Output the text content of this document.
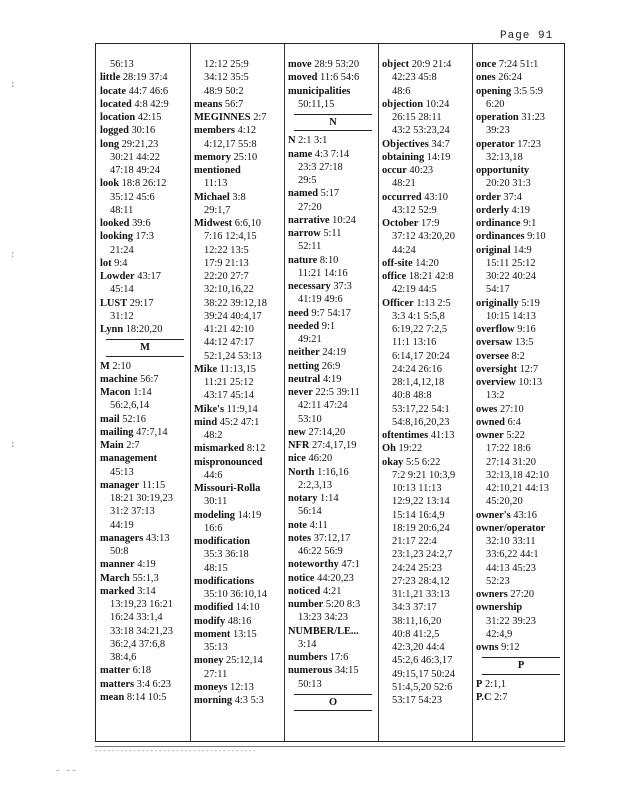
Page 91
:
:
:
- --
56:13
little 28:19 37:4
locate 44:7 46:6
located 4:8 42:9
location 42:15
logged 30:16
long 29:21,23
30:21 44:22
47:18 49:24
look 18:8 26:12
35:12 45:6
48:11
looked 39:6
looking 17:3
21:24
lot 9:4
Lowder 43:17
45:14
LUST 29:17
31:12
Lynn 18:20,20
M
M 2:10
machine 56:7
Macon 1:14
56:2,6,14
mail 52:16
mailing 47:7,14
Main 2:7
management
45:13
manager 11:15
18:21 30:19,23
31:2 37:13
44:19
managers 43:13
50:8
manner 4:19
March 55:1,3
marked 3:14
13:19,23 16:21
16:24 33:1,4
33:18 34:21,23
36:2,4 37:6,8
38:4,6
matter 6:18
matters 3:4 6:23
mean 8:14 10:5
12:12 25:9
34:12 35:5
48:9 50:2
means 56:7
MEGINNES 2:7
members 4:12
4:12,17 55:8
memory 25:10
mentioned
11:13
Michael 3:8
29:1,7
Midwest 6:6,10
7:16 12:4,15
12:22 13:5
17:9 21:13
22:20 27:7
32:10,16,22
38:22 39:12,18
39:24 40:4,17
41:21 42:10
44:12 47:17
52:1,24 53:13
Mike 11:13,15
11:21 25:12
43:17 45:14
Mike's 11:9,14
mind 45:2 47:1
48:2
mismarked 8:12
mispronounced
44:6
Missouri-Rolla
30:11
modeling 14:19
16:6
modification
35:3 36:18
48:15
modifications
35:10 36:10,14
modified 14:10
modify 48:16
moment 13:15
35:13
money 25:12,14
27:11
moneys 12:13
morning 4:3 5:3
move 28:9 53:20
moved 11:6 54:6
municipalities
50:11,15
N
N 2:1 3:1
name 4:3 7:14
23:3 27:18
29:5
named 5:17
27:20
narrative 10:24
narrow 5:11
52:11
nature 8:10
11:21 14:16
necessary 37:3
41:19 49:6
need 9:7 54:17
needed 9:1
49:21
neither 24:19
netting 26:9
neutral 4:19
never 22:5 39:11
42:11 47:24
53:10
new 27:14,20
NFR 27:4,17,19
nice 46:20
North 1:16,16
2:2,3,13
notary 1:14
56:14
note 4:11
notes 37:12,17
46:22 56:9
noteworthy 47:1
notice 44:20,23
noticed 4:21
number 5:20 8:3
13:23 34:23
NUMBER/LE...
3:14
numbers 17:6
numerous 34:15
50:13
O
object 20:9 21:4
42:23 45:8
48:6
objection 10:24
26:15 28:11
43:2 53:23,24
Objectives 34:7
obtaining 14:19
occur 40:23
48:21
occurred 43:10
43:12 52:9
October 17:9
37:12 43:20,20
44:24
off-site 14:20
office 18:21 42:8
42:19 44:5
Officer 1:13 2:5
3:3 4:1 5:5,8
6:19,22 7:2,5
11:1 13:16
6:14,17 20:24
24:24 26:16
28:1,4,12,18
40:8 48:8
53:17,22 54:1
54:8,16,20,23
oftentimes 41:13
Oh 19:22
okay 5:5 6:22
7:2 9:21 10:3,9
10:13 11:13
12:9,22 13:14
15:14 16:4,9
18:19 20:6,24
21:17 22:4
23:1,23 24:2,7
24:24 25:23
27:23 28:4,12
31:1,21 33:13
34:3 37:17
38:11,16,20
40:8 41:2,5
42:3,20 44:4
45:2,6 46:3,17
49:15,17 50:24
51:4,5,20 52:6
53:17 54:23
once 7:24 51:1
ones 26:24
opening 3:5 5:9
6:20
operation 31:23
39:23
operator 17:23
32:13,18
opportunity
20:20 31:3
order 37:4
orderly 4:19
ordinance 9:1
ordinances 9:10
original 14:9
15:11 25:12
30:22 40:24
54:17
originally 5:19
10:15 14:13
overflow 9:16
oversaw 13:5
oversee 8:2
oversight 12:7
overview 10:13
13:2
owes 27:10
owned 6:4
owner 5:22
17:22 18:6
27:14 31:20
32:13,18 42:10
42:10,21 44:13
45:20,20
owner's 43:16
owner/operator
32:10 33:11
33:6,22 44:1
44:13 45:23
52:23
owners 27:20
ownership
31:22 39:23
42:4,9
owns 9:12
P
P 2:1,1
P.C 2:7
- - - - - - - - - - - - - - - - - - - - - - - - - - - - - - - - - - - - - -
